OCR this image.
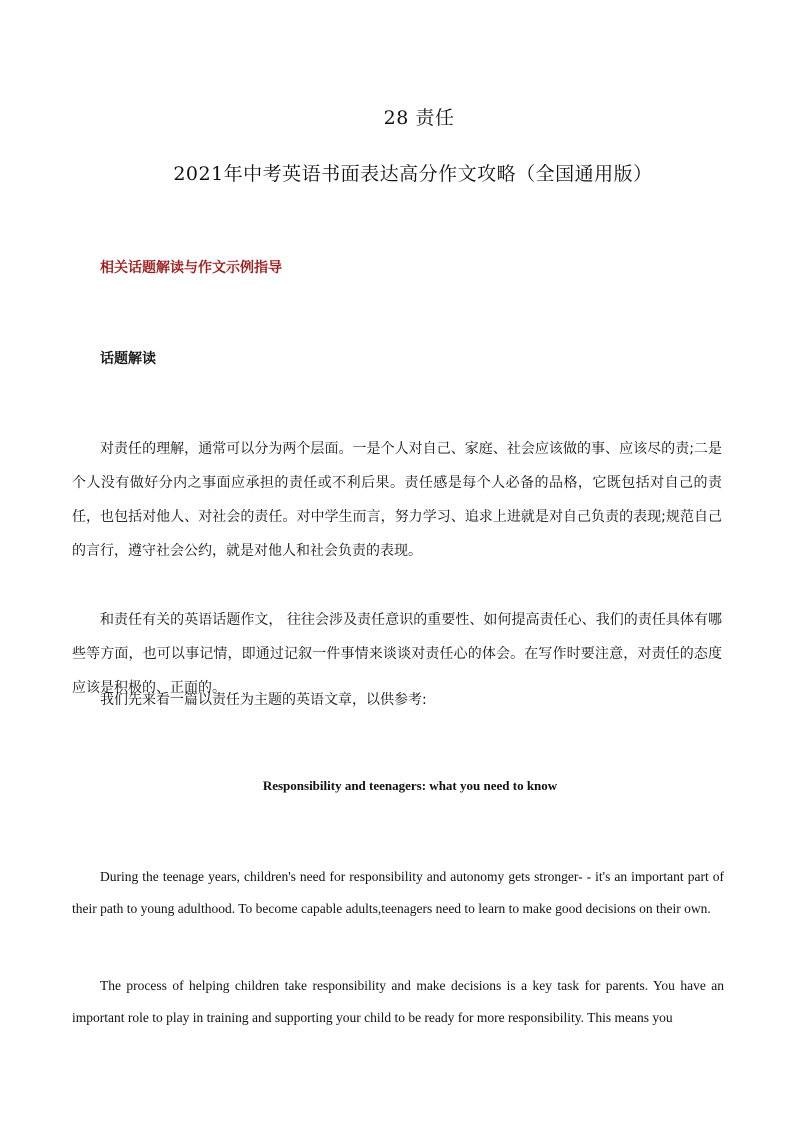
28 责任
2021年中考英语书面表达高分作文攻略（全国通用版）
相关话题解读与作文示例指导
话题解读

对责任的理解，通常可以分为两个层面。一是个人对自己、家庭、社会应该做的事、应该尽的责;二是个人没有做好分内之事面应承担的责任或不利后果。责任感是每个人必备的品格，它既包括对自己的责任，也包括对他人、对社会的责任。对中学生而言，努力学习、追求上进就是对自己负责的表现;规范自己的言行，遵守社会公约，就是对他人和社会负责的表现。

和责任有关的英语话题作文， 往往会涉及责任意识的重要性、如何提高责任心、我们的责任具体有哪些等方面，也可以事记情，即通过记叙一件事情来谈谈对责任心的体会。在写作时要注意，对责任的态度应该是积极的、正面的。

我们先来看一篇以责任为主题的英语文章，以供参考:

Responsibility and teenagers: what you need to know

During the teenage years, children's need for responsibility and autonomy gets stronger- - it's an important part of their path to young adulthood. To become capable adults,teenagers need to learn to make good decisions on their own.

The process of helping children take responsibility and make decisions is a key task for parents. You have an important role to play in training and supporting your child to be ready for more responsibility. This means you
